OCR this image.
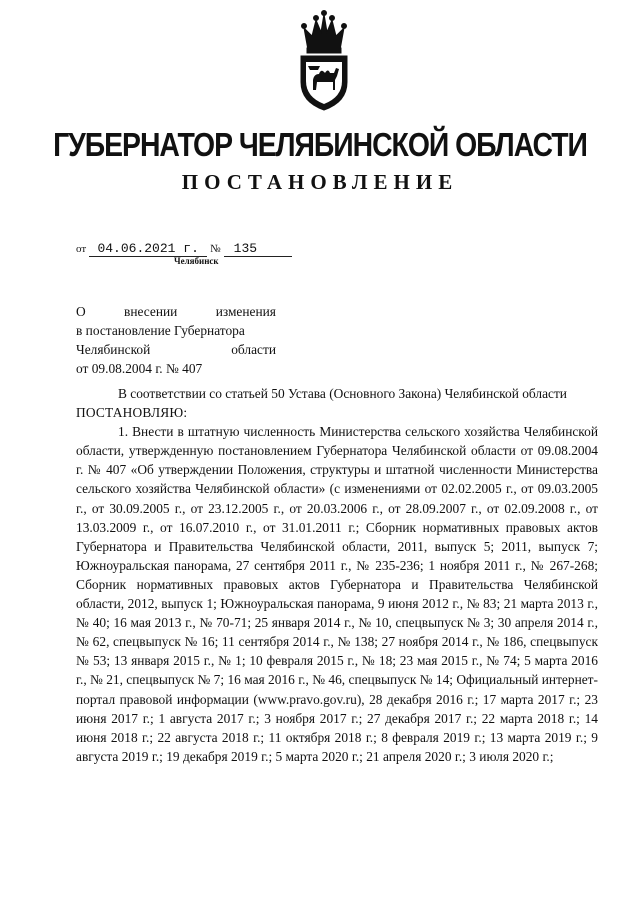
ГУБЕРНАТОР ЧЕЛЯБИНСКОЙ ОБЛАСТИ
ПОСТАНОВЛЕНИЕ
от 04.06.2021 г. № 135
Челябинск
О	внесении	изменения
в постановление Губернатора
Челябинской	области
от 09.08.2004 г. № 407

В соответствии со статьей 50 Устава (Основного Закона) Челябинской области

ПОСТАНОВЛЯЮ:

1. Внести в штатную численность Министерства сельского хозяйства Челябинской области, утвержденную постановлением Губернатора Челябинской области от 09.08.2004 г. № 407 «Об утверждении Положения, структуры и штатной численности Министерства сельского хозяйства Челябинской области» (с изменениями от 02.02.2005 г., от 09.03.2005 г., от 30.09.2005 г., от 23.12.2005 г., от 20.03.2006 г., от 28.09.2007 г., от 02.09.2008 г., от 13.03.2009 г., от 16.07.2010 г., от 31.01.2011 г.; Сборник нормативных правовых актов Губернатора и Правительства Челябинской области, 2011, выпуск 5; 2011, выпуск 7; Южноуральская панорама, 27 сентября 2011 г., № 235-236; 1 ноября 2011 г., № 267-268; Сборник нормативных правовых актов Губернатора и Правительства Челябинской области, 2012, выпуск 1; Южноуральская панорама, 9 июня 2012 г., № 83; 21 марта 2013 г., № 40; 16 мая 2013 г., № 70-71; 25 января 2014 г., № 10, спецвыпуск № 3; 30 апреля 2014 г., № 62, спецвыпуск № 16; 11 сентября 2014 г., № 138; 27 ноября 2014 г., № 186, спецвыпуск № 53; 13 января 2015 г., № 1; 10 февраля 2015 г., № 18; 23 мая 2015 г., № 74; 5 марта 2016 г., № 21, спецвыпуск № 7; 16 мая 2016 г., № 46, спецвыпуск № 14; Официальный интернет-портал правовой информации (www.pravo.gov.ru), 28 декабря 2016 г.; 17 марта 2017 г.; 23 июня 2017 г.; 1 августа 2017 г.; 3 ноября 2017 г.; 27 декабря 2017 г.; 22 марта 2018 г.; 14 июня 2018 г.; 22 августа 2018 г.; 11 октября 2018 г.; 8 февраля 2019 г.; 13 марта 2019 г.; 9 августа 2019 г.; 19 декабря 2019 г.; 5 марта 2020 г.; 21 апреля 2020 г.; 3 июля 2020 г.;
